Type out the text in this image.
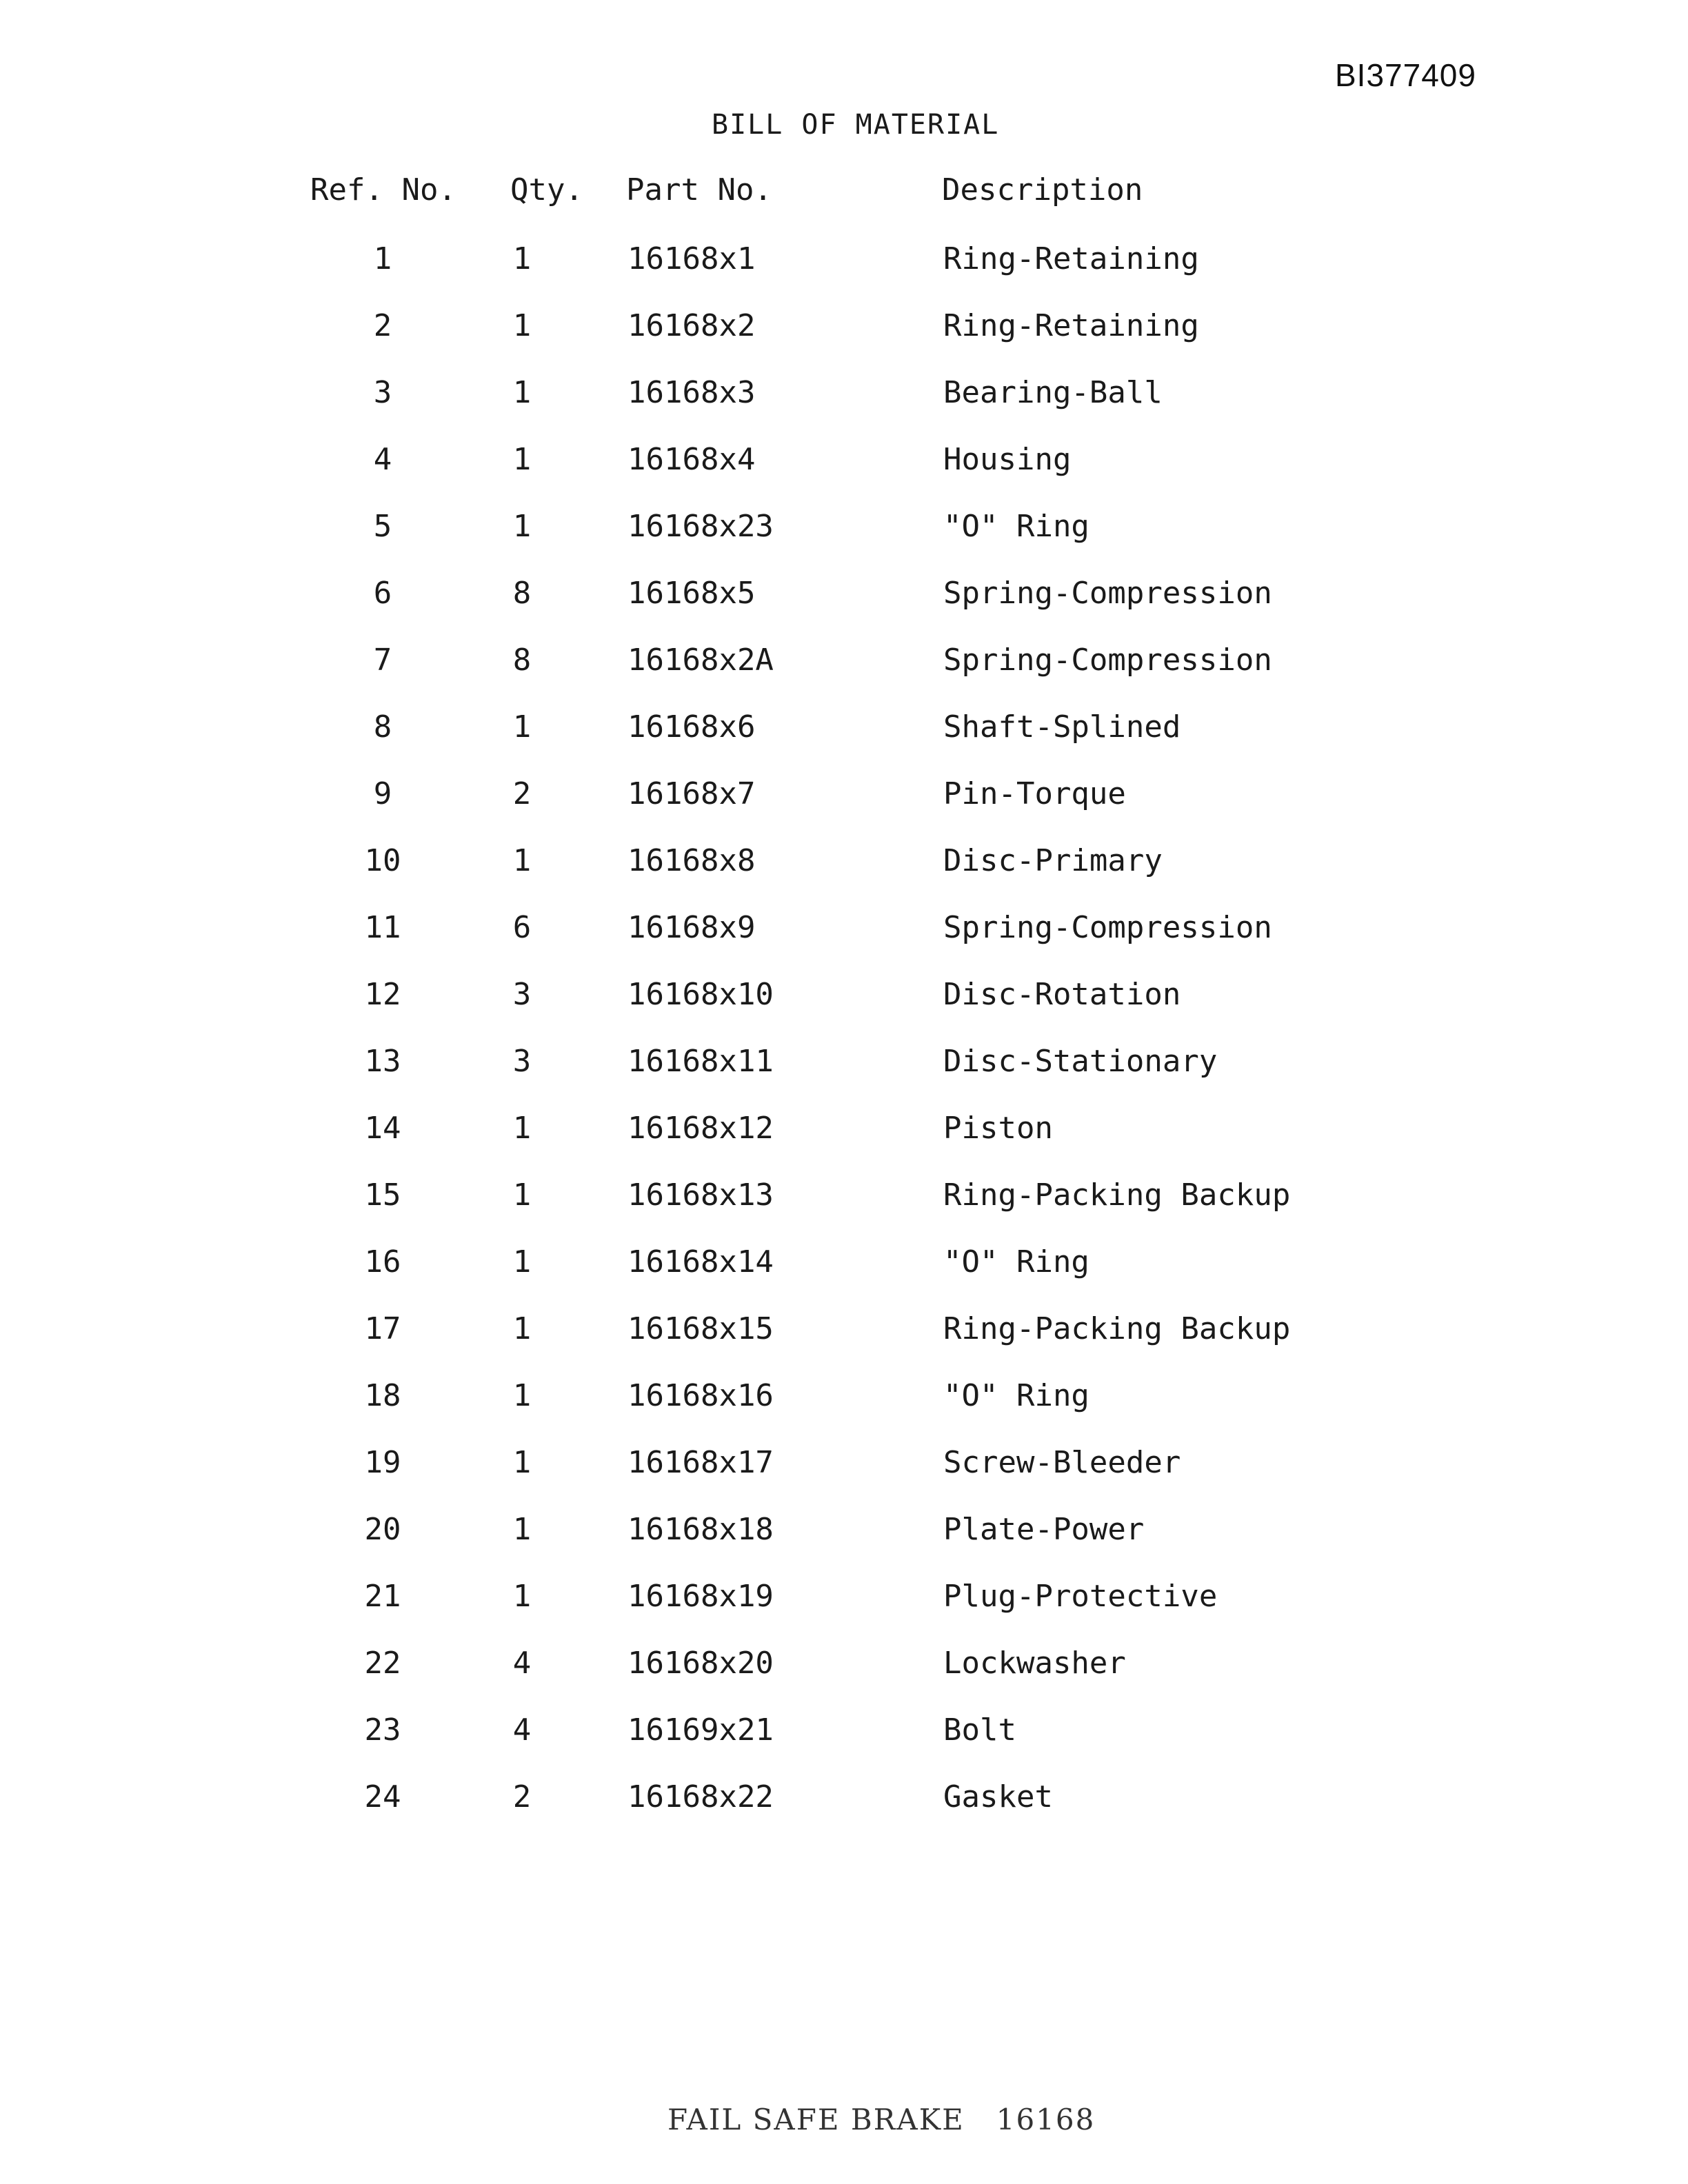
BI377409
BILL OF MATERIAL
Ref. No. Qty. Part No.	Description
1	1	16168x1	Ring-Retaining
2	1	16168x2	Ring-Retaining
3	1	16168x3	Bearing-Ball
4	1	16168x4	Housing
5	1	16168x23	"O" Ring
6	8	16168x5	Spring-Compression
7	8	16168x2A	Spring-Compression
8	1	16168x6	Shaft-Splined
9	2	16168x7	Pin-Torque
10	1	16168x8	Disc-Primary
11	6	16168x9	Spring-Compression
12	3	16168x10	Disc-Rotation
13	3	16168x11	Disc-Stationary
14	1	16168x12	Piston
15	1	16168x13	Ring-Packing Backup
16	1	16168x14	"O" Ring
17	1	16168x15	Ring-Packing Backup
18	1	16168x16	"O" Ring
19	1	16168x17	Screw-Bleeder
20	1	16168x18	Plate-Power
21	1	16168x19	Plug-Protective
22	4	16168x20	Lockwasher
23	4	16169x21	Bolt
24	2	16168x22	Gasket
FAIL SAFE BRAKE 16168
